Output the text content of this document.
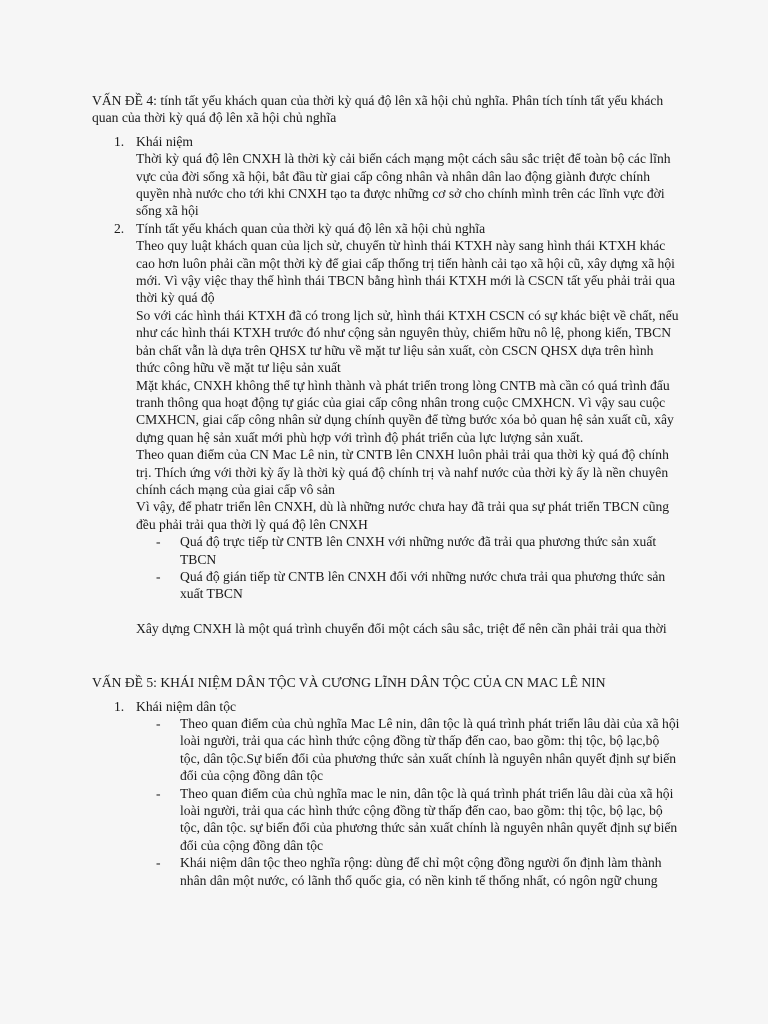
VẤN ĐỀ 4: tính tất yếu khách quan của thời kỳ quá độ lên xã hội chủ nghĩa. Phân tích tính tất yếu khách quan của thời kỳ quá độ lên xã hội chủ nghĩa

1. Khái niệm

Thời kỳ quá độ lên CNXH là thời kỳ cải biến cách mạng một cách sâu sắc triệt để toàn bộ các lĩnh vực của đời sống xã hội, bắt đầu từ giai cấp công nhân và nhân dân lao động giành được chính quyền nhà nước cho tới khi CNXH tạo ta được những cơ sở cho chính mình trên các lĩnh vực đời sống xã hội

2. Tính tất yếu khách quan của thời kỳ quá độ lên xã hội chủ nghĩa

Theo quy luật khách quan của lịch sử, chuyển từ hình thái KTXH này sang hình thái KTXH khác cao hơn luôn phải cần một thời kỳ để giai cấp thống trị tiến hành cải tạo xã hội cũ, xây dựng xã hội mới. Vì vậy việc thay thế hình thái TBCN bằng hình thái KTXH mới là CSCN tất yếu phải trải qua thời kỳ quá độ

So với các hình thái KTXH đã có trong lịch sử, hình thái KTXH CSCN có sự khác biệt về chất, nếu như các hình thái KTXH trước đó như cộng sản nguyên thủy, chiếm hữu nô lệ, phong kiến, TBCN bản chất vẫn là dựa trên QHSX tư hữu về mặt tư liệu sản xuất, còn CSCN QHSX dựa trên hình thức công hữu về mặt tư liệu sản xuất

Mặt khác, CNXH không thể tự hình thành và phát triển trong lòng CNTB mà cần có quá trình đấu tranh thông qua hoạt động tự giác của giai cấp công nhân trong cuộc CMXHCN. Vì vậy sau cuộc CMXHCN, giai cấp công nhân sử dụng chính quyền để từng bước xóa bỏ quan hệ sản xuất cũ, xây dựng quan hệ sản xuất mới phù hợp với trình độ phát triển của lực lượng sản xuất.

Theo quan điểm của CN Mac Lê nin, từ CNTB lên CNXH luôn phải trải qua thời kỳ quá độ chính trị. Thích ứng với thời kỳ ấy là thời kỳ quá độ chính trị và nahf nước của thời kỳ ấy là nền chuyên chính cách mạng của giai cấp vô sản

Vì vậy, để phatr triển lên CNXH, dù là những nước chưa hay đã trải qua sự phát triển TBCN cũng đều phải trải qua thời lỳ quá độ lên CNXH

- Quá độ trực tiếp từ CNTB lên CNXH với những nước đã trải qua phương thức sản xuất TBCN
- Quá độ gián tiếp từ CNTB lên CNXH đối với những nước chưa trải qua phương thức sản xuất TBCN

Xây dựng CNXH là một quá trình chuyển đổi một cách sâu sắc, triệt để nên cần phải trải qua thời

VẤN ĐỀ 5: KHÁI NIỆM DÂN TỘC VÀ CƯƠNG LĨNH DÂN TỘC CỦA CN MAC LÊ NIN

1. Khái niệm dân tộc

- Theo quan điểm của chủ nghĩa Mac Lê nin, dân tộc là quá trình phát triển lâu dài của xã hội loài người, trải qua các hình thức cộng đồng từ thấp đến cao, bao gồm: thị tộc, bộ lạc,bộ tộc, dân tộc.Sự biến đổi của phương thức sản xuất chính là nguyên nhân quyết định sự biến đổi của cộng đồng dân tộc
- Theo quan điểm của chủ nghĩa mac le nin, dân tộc là quá trình phát triển lâu dài của xã hội loài người, trải qua các hình thức cộng đồng từ thấp đến cao, bao gồm: thị tộc, bộ lạc, bộ tộc, dân tộc. sự biến đổi của phương thức sản xuất chính là nguyên nhân quyết định sự biến đổi của cộng đồng dân tộc
- Khái niệm dân tộc theo nghĩa rộng: dùng để chỉ một cộng đồng người ổn định làm thành nhân dân một nước, có lãnh thổ quốc gia, có nền kinh tế thống nhất, có ngôn ngữ chung
